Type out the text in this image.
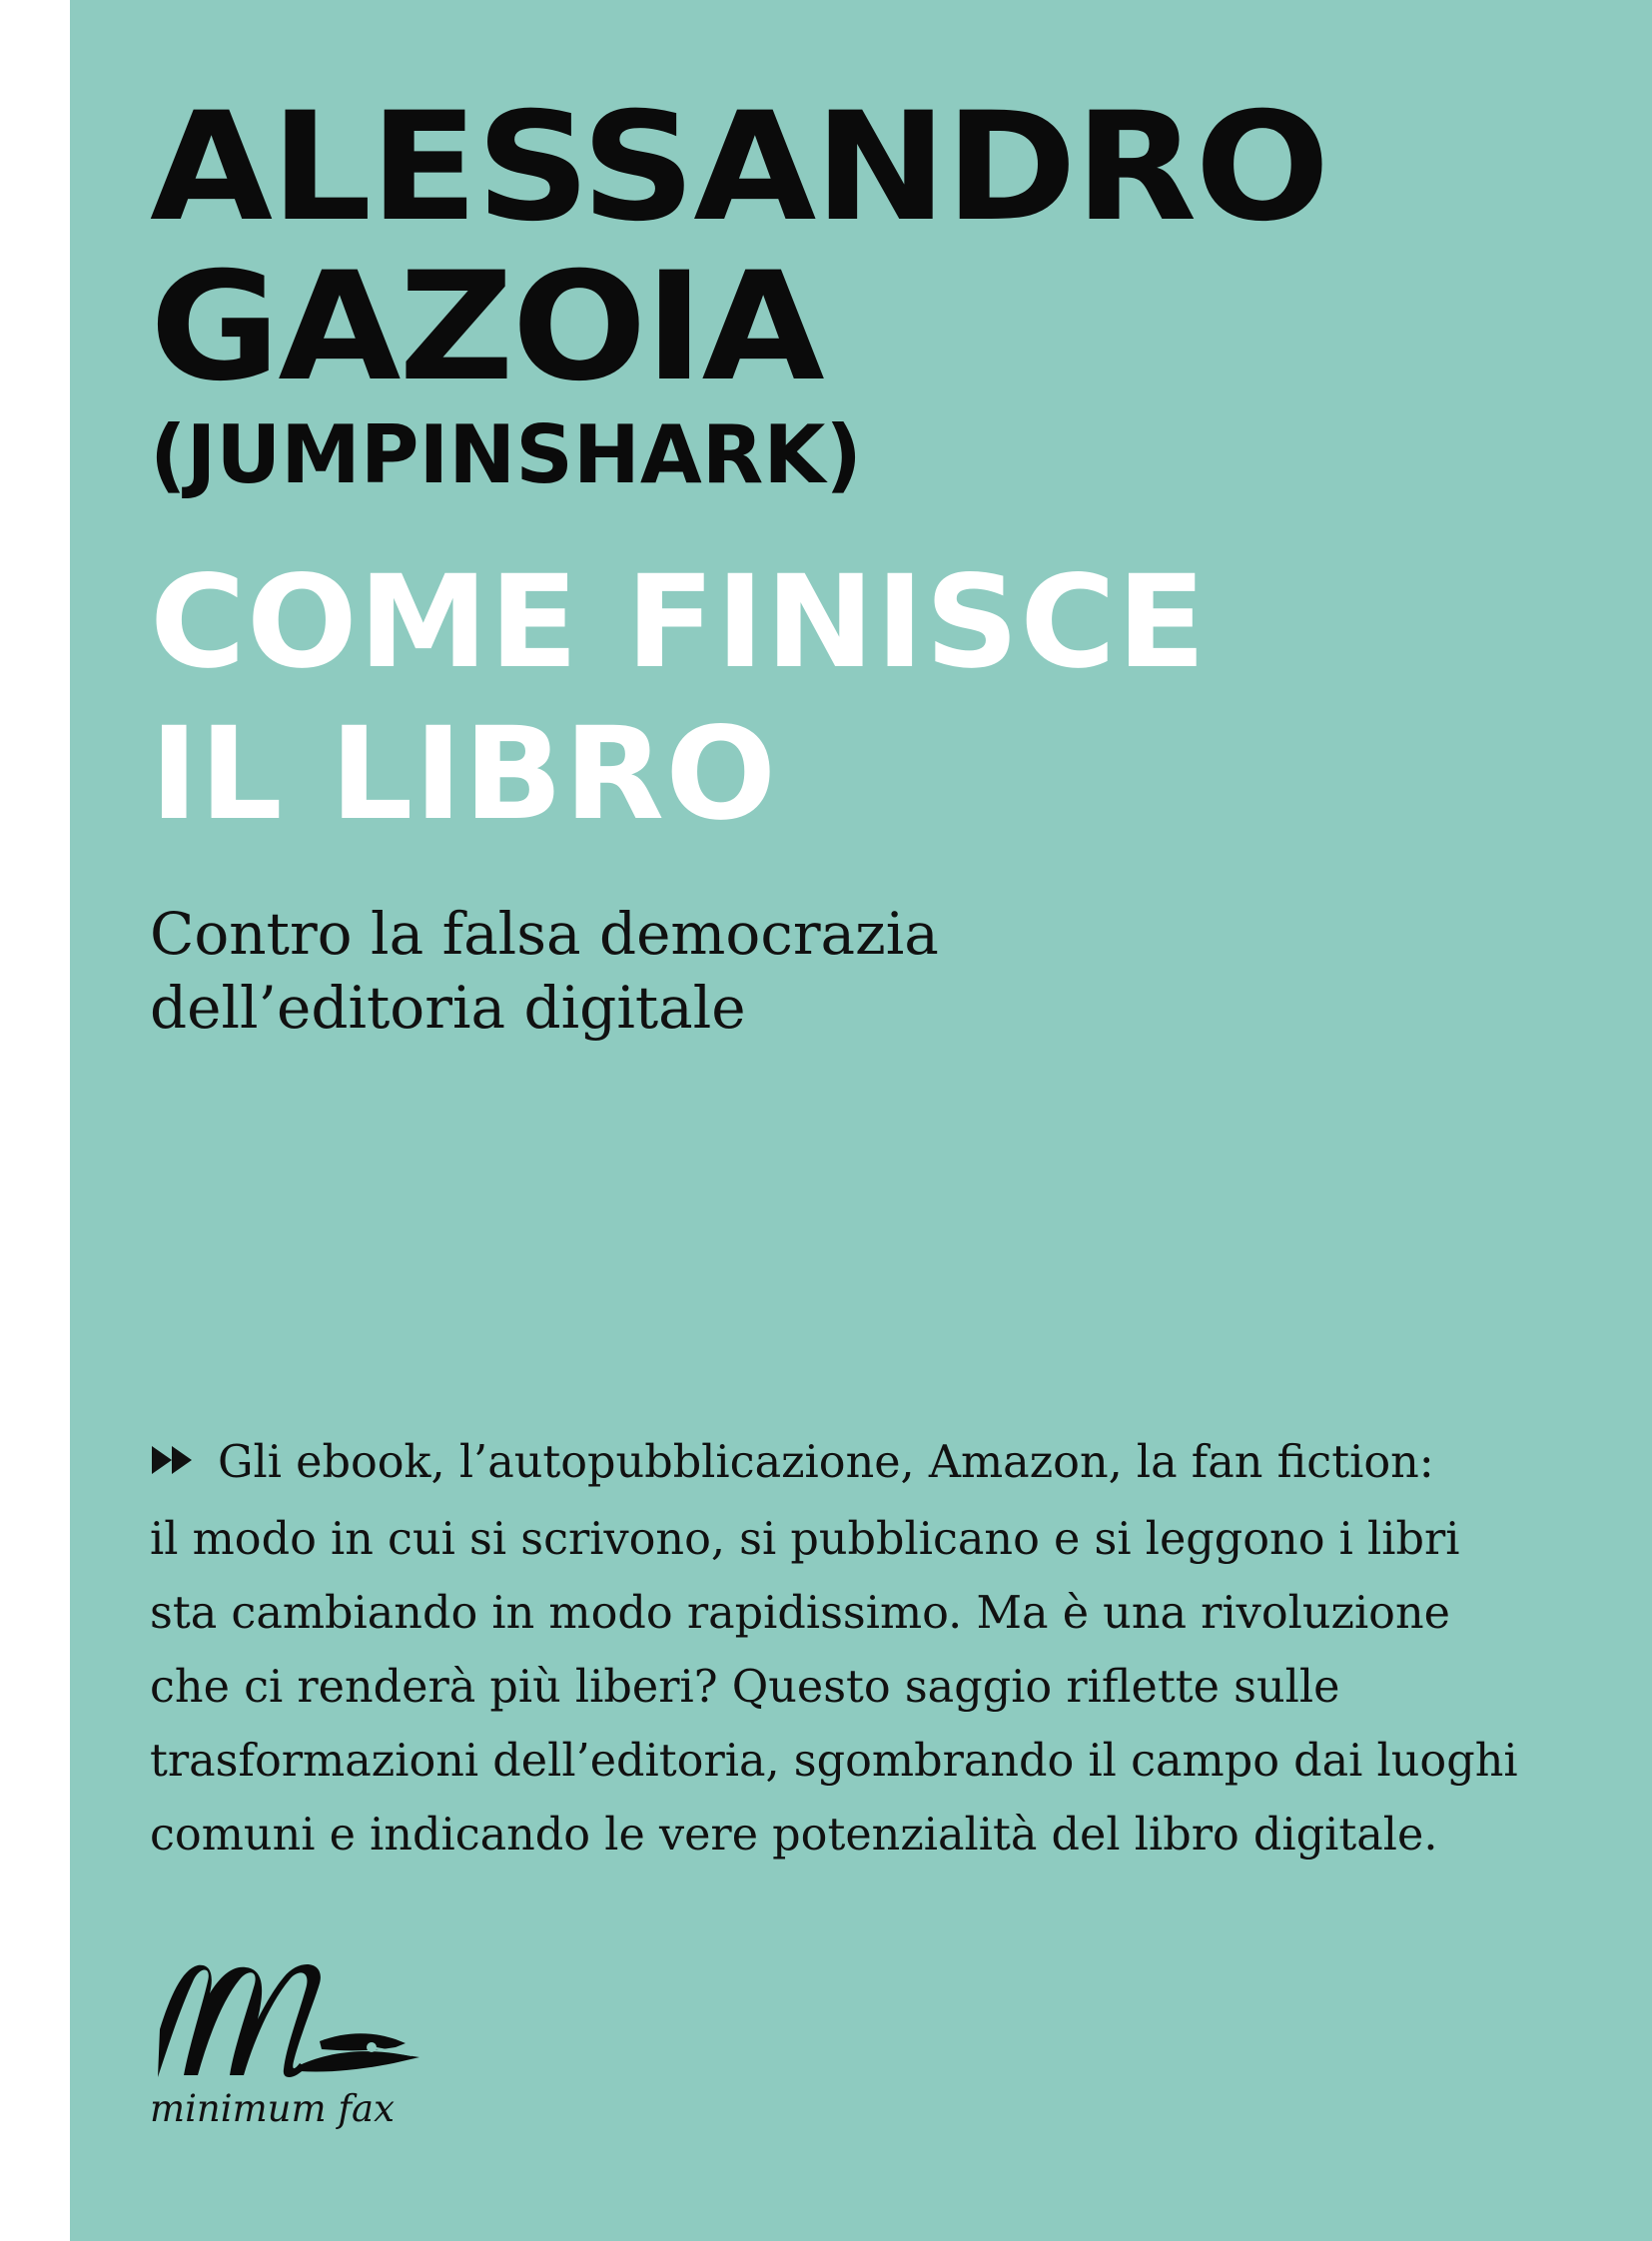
ALESSANDRO
GAZOIA
(JUMPINSHARK)
COME FINISCE
IL LIBRO

Contro la falsa democrazia
dell’editoria digitale

Gli ebook, l’autopubblicazione, Amazon, la fan fiction:
il modo in cui si scrivono, si pubblicano e si leggono i libri
sta cambiando in modo rapidissimo. Ma è una rivoluzione
che ci renderà più liberi? Questo saggio riflette sulle
trasformazioni dell’editoria, sgombrando il campo dai luoghi
comuni e indicando le vere potenzialità del libro digitale.

minimum fax
